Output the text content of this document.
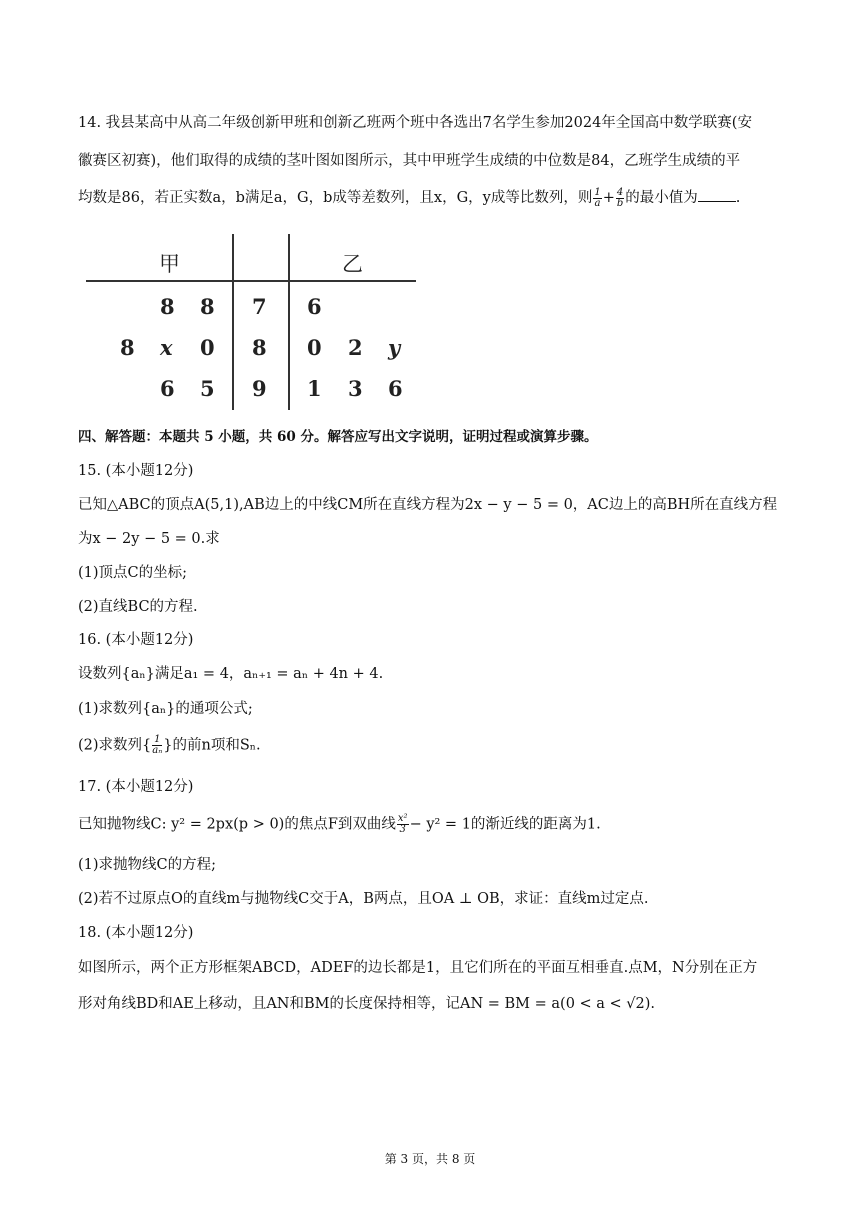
14. 我县某高中从高二年级创新甲班和创新乙班两个班中各选出7名学生参加2024年全国高中数学联赛(安
徽赛区初赛)，他们取得的成绩的茎叶图如图所示，其中甲班学生成绩的中位数是84，乙班学生成绩的平
均数是86，若正实数a，b满足a，G，b成等差数列，且x，G，y成等比数列，则 $\frac{1}{a} + \frac{4}{b}$ 的最小值为	.
甲	乙
8 8 7 6
8 x 0 8 0 2 y
6 5 9 1 3 6
四、解答题：本题共 5 小题，共 60 分。解答应写出文字说明，证明过程或演算步骤。
15. (本小题12分)
已知△ABC的顶点A(5,1),AB边上的中线CM所在直线方程为2x − y − 5 = 0，AC边上的高BH所在直线方程
为x − 2y − 5 = 0.求
(1)顶点C的坐标;
(2)直线BC的方程.
16. (本小题12分)
设数列{aₙ}满足a₁ = 4，aₙ₊₁ = aₙ + 4n + 4.
(1)求数列{aₙ}的通项公式;
(2)求数列{ $\frac{1}{\text{aₙ}}$ }的前n项和Sₙ.
17. (本小题12分)
已知抛物线C: y² = 2px(p > 0)的焦点F到双曲线 $\frac{\text{x²}}{3} - y^2 = 1$的渐近线的距离为1.
(1)求抛物线C的方程;
(2)若不过原点O的直线m与抛物线C交于A，B两点，且OA ⊥ OB，求证：直线m过定点.
18. (本小题12分)
如图所示，两个正方形框架ABCD，ADEF的边长都是1，且它们所在的平面互相垂直.点M，N分别在正方
形对角线BD和AE上移动，且AN和BM的长度保持相等，记AN = BM = a(0 < a < √2).
第 3 页，共 8 页
